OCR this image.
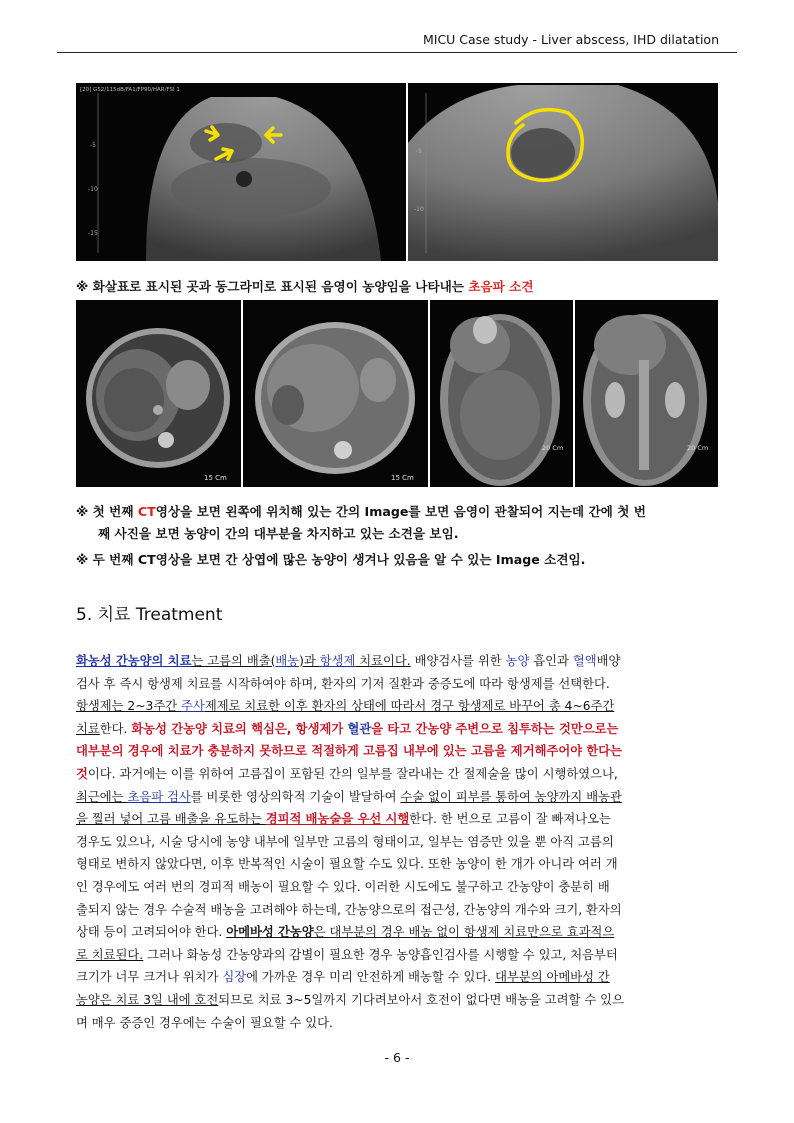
MICU Case study - Liver abscess, IHD dilatation
-5
-10
-15
[20] G52/115dB/FA1/FP90/HAR/FSI 1
-5
-10
※ 화살표로 표시된 곳과 동그라미로 표시된 음영이 농양임을 나타내는 초음파 소견
15 Cm	15 Cm
20 Cm	20 Cm
※ 첫 번째 CT영상을 보면 왼쪽에 위치해 있는 간의 Image를 보면 음영이 관찰되어 지는데 간에 첫 번
째 사진을 보면 농양이 간의 대부분을 차지하고 있는 소견을 보임.
※ 두 번째 CT영상을 보면 간 상엽에 많은 농양이 생겨나 있음을 알 수 있는 Image 소견임.
5. 치료 Treatment
화농성 간농양의 치료는 고름의 배출(배농)과 항생제 치료이다. 배양검사를 위한 농양 흡인과 혈액배양
검사 후 즉시 항생제 치료를 시작하여야 하며, 환자의 기저 질환과 중증도에 따라 항생제를 선택한다.
항생제는 2~3주간 주사제제로 치료한 이후 환자의 상태에 따라서 경구 항생제로 바꾸어 총 4~6주간
치료한다. 화농성 간농양 치료의 핵심은, 항생제가 혈관을 타고 간농양 주변으로 침투하는 것만으로는
대부분의 경우에 치료가 충분하지 못하므로 적절하게 고름집 내부에 있는 고름을 제거해주어야 한다는
것이다. 과거에는 이를 위하여 고름집이 포함된 간의 일부를 잘라내는 간 절제술을 많이 시행하였으나,
최근에는 초음파 검사를 비롯한 영상의학적 기술이 발달하여 수술 없이 피부를 통하여 농양까지 배농관
을 찔러 넣어 고름 배출을 유도하는 경피적 배농술을 우선 시행한다. 한 번으로 고름이 잘 빠져나오는
경우도 있으나, 시술 당시에 농양 내부에 일부만 고름의 형태이고, 일부는 염증만 있을 뿐 아직 고름의
형태로 변하지 않았다면, 이후 반복적인 시술이 필요할 수도 있다. 또한 농양이 한 개가 아니라 여러 개
인 경우에도 여러 번의 경피적 배농이 필요할 수 있다. 이러한 시도에도 불구하고 간농양이 충분히 배
출되지 않는 경우 수술적 배농을 고려해야 하는데, 간농양으로의 접근성, 간농양의 개수와 크기, 환자의
상태 등이 고려되어야 한다. 아메바성 간농양은 대부분의 경우 배농 없이 항생제 치료만으로 효과적으
로 치료된다. 그러나 화농성 간농양과의 감별이 필요한 경우 농양흡인검사를 시행할 수 있고, 처음부터
크기가 너무 크거나 위치가 심장에 가까운 경우 미리 안전하게 배농할 수 있다. 대부분의 아메바성 간
농양은 치료 3일 내에 호전되므로 치료 3~5일까지 기다려보아서 호전이 없다면 배농을 고려할 수 있으
며 매우 중증인 경우에는 수술이 필요할 수 있다.
- 6 -
